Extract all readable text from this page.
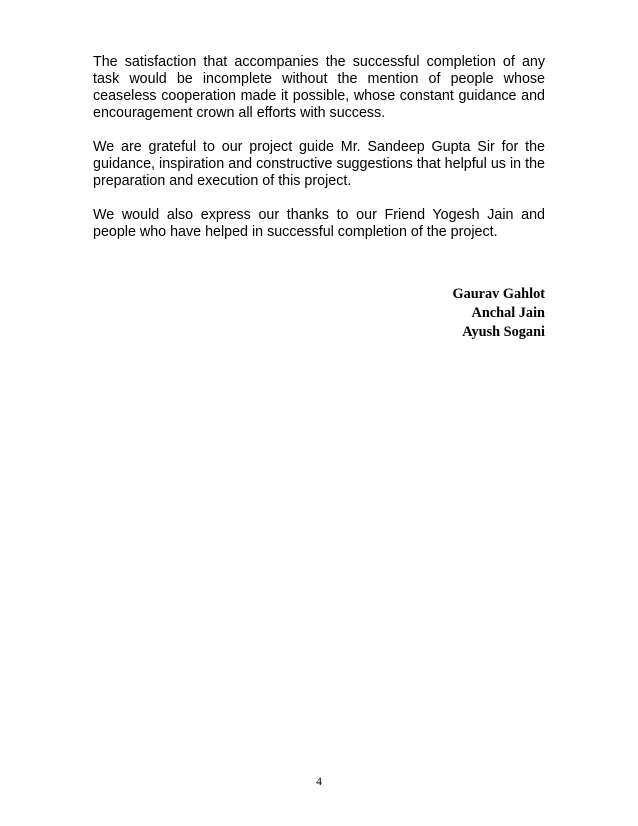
The satisfaction that accompanies the successful completion of any task would be incomplete without the mention of people whose ceaseless cooperation made it possible, whose constant guidance and encouragement crown all efforts with success.

We are grateful to our project guide Mr. Sandeep Gupta Sir for the guidance, inspiration and constructive suggestions that helpful us in the preparation and execution of this project.

We would also express our thanks to our Friend Yogesh Jain and people who have helped in successful completion of the project.

Gaurav Gahlot
Anchal Jain
Ayush Sogani
4
